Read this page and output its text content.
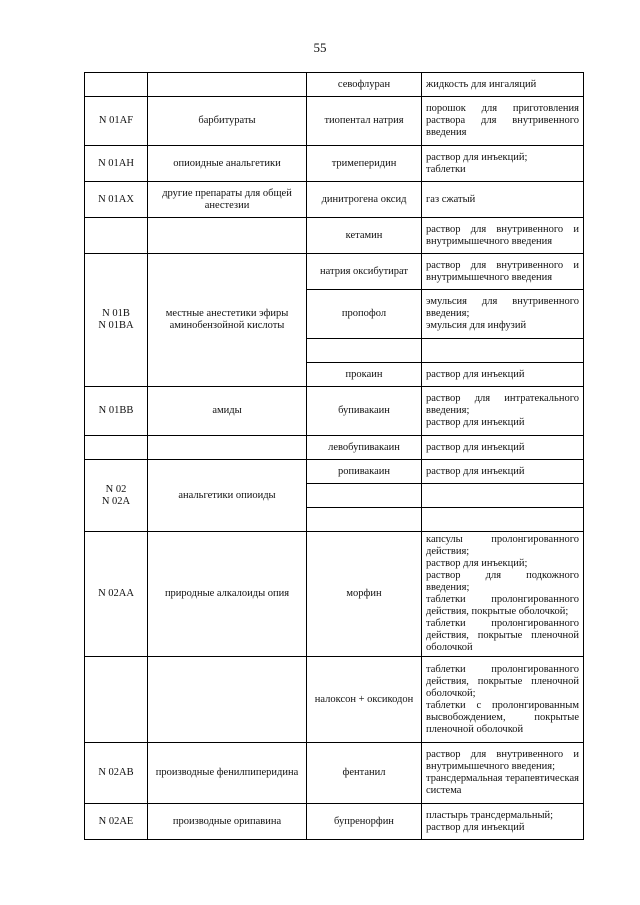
55
		севофлуран	жидкость для ингаляций

N 01AF	барбитураты	тиопентал натрия	порошок для приготовления раствора для внутривенного введения

N 01AH	опиоидные анальгетики	тримеперидин	раствор для инъекций;
таблетки

N 01AX	другие препараты для общей анестезии	динитрогена оксид	газ сжатый

		кетамин	раствор для внутривенного и внутримышечного введения

N 01B
N 01BA	местные анестетики эфиры аминобензойной кислоты	натрия оксибутират	раствор для внутривенного и внутримышечного введения

		пропофол	эмульсия для внутривенного введения;
эмульсия для инфузий

		прокаин	раствор для инъекций

N 01BB	амиды	бупивакаин	раствор для интратекального введения;
раствор для инъекций

		левобупивакаин	раствор для инъекций

N 02
N 02A	анальгетики опиоиды	ропивакаин	раствор для инъекций

N 02AA	природные алкалоиды опия	морфин	капсулы пролонгированного действия;
раствор для инъекций;
раствор для подкожного введения;
таблетки пролонгированного действия, покрытые оболочкой;
таблетки пролонгированного действия, покрытые пленочной оболочкой

		налоксон + оксикодон	таблетки пролонгированного действия, покрытые пленочной оболочкой;
таблетки с пролонгированным высвобождением, покрытые пленочной оболочкой

N 02AB	производные фенилпиперидина	фентанил	раствор для внутривенного и внутримышечного введения;
трансдермальная терапевтическая система

N 02AE	производные орипавина	бупренорфин	пластырь трансдермальный;
раствор для инъекций
